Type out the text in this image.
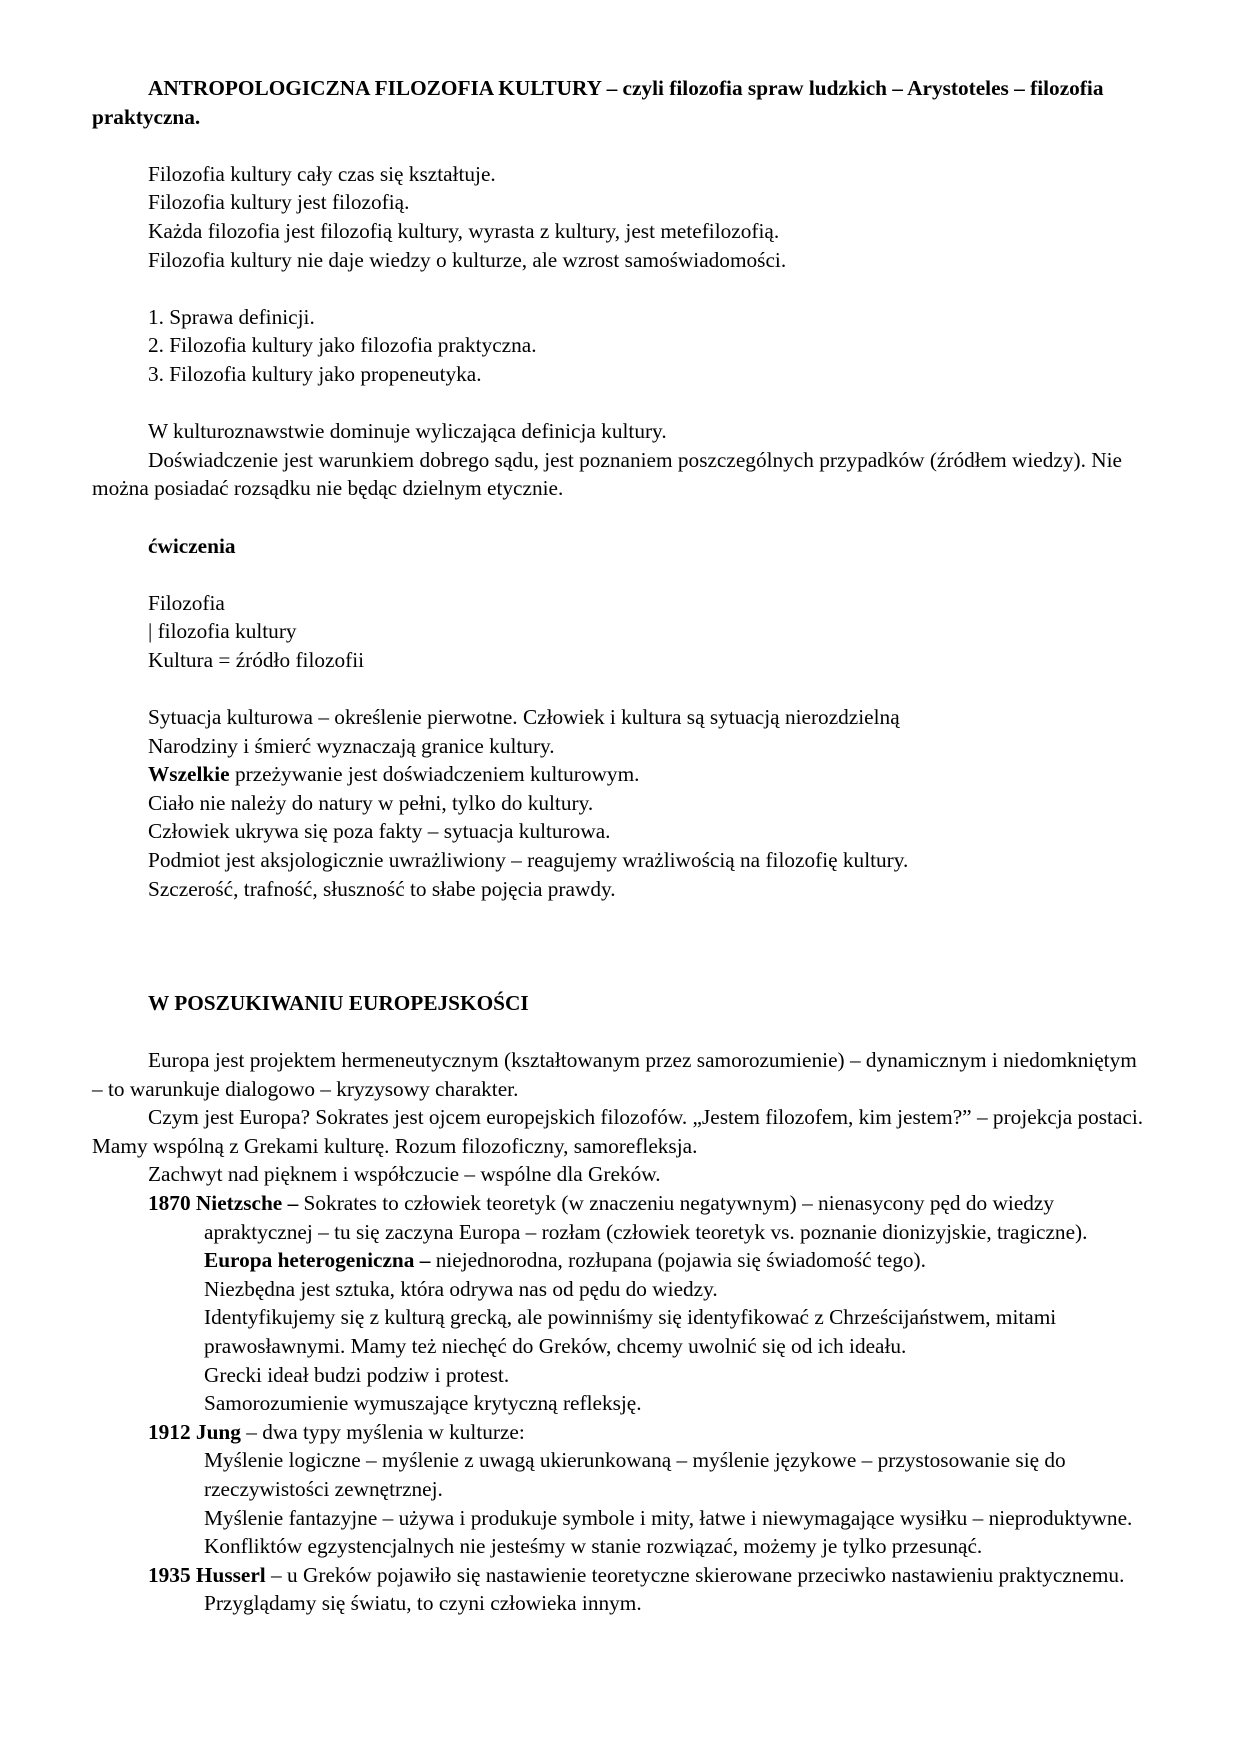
ANTROPOLOGICZNA FILOZOFIA KULTURY – czyli filozofia spraw ludzkich – Arystoteles – filozofia praktyczna.

Filozofia kultury cały czas się kształtuje.

Filozofia kultury jest filozofią.

Każda filozofia jest filozofią kultury, wyrasta z kultury, jest metefilozofią.

Filozofia kultury nie daje wiedzy o kulturze, ale wzrost samoświadomości.

1. Sprawa definicji.

2. Filozofia kultury jako filozofia praktyczna.

3. Filozofia kultury jako propeneutyka.

W kulturoznawstwie dominuje wyliczająca definicja kultury.

Doświadczenie jest warunkiem dobrego sądu, jest poznaniem poszczególnych przypadków (źródłem wiedzy). Nie można posiadać rozsądku nie będąc dzielnym etycznie.

ćwiczenia

Filozofia

| filozofia kultury

Kultura = źródło filozofii

Sytuacja kulturowa – określenie pierwotne. Człowiek i kultura są sytuacją nierozdzielną

Narodziny i śmierć wyznaczają granice kultury.

Wszelkie przeżywanie jest doświadczeniem kulturowym.

Ciało nie należy do natury w pełni, tylko do kultury.

Człowiek ukrywa się poza fakty – sytuacja kulturowa.

Podmiot jest aksjologicznie uwrażliwiony – reagujemy wrażliwością na filozofię kultury.

Szczerość, trafność, słuszność to słabe pojęcia prawdy.

W POSZUKIWANIU EUROPEJSKOŚCI

Europa jest projektem hermeneutycznym (kształtowanym przez samorozumienie) – dynamicznym i niedomkniętym – to warunkuje dialogowo – kryzysowy charakter.

Czym jest Europa? Sokrates jest ojcem europejskich filozofów. „Jestem filozofem, kim jestem?” – projekcja postaci. Mamy wspólną z Grekami kulturę. Rozum filozoficzny, samorefleksja.

Zachwyt nad pięknem i współczucie – wspólne dla Greków.

1870 Nietzsche – Sokrates to człowiek teoretyk (w znaczeniu negatywnym) – nienasycony pęd do wiedzy apraktycznej – tu się zaczyna Europa – rozłam (człowiek teoretyk vs. poznanie dionizyjskie, tragiczne).

Europa heterogeniczna – niejednorodna, rozłupana (pojawia się świadomość tego).

Niezbędna jest sztuka, która odrywa nas od pędu do wiedzy.

Identyfikujemy się z kulturą grecką, ale powinniśmy się identyfikować z Chrześcijaństwem, mitami prawosławnymi. Mamy też niechęć do Greków, chcemy uwolnić się od ich ideału.

Grecki ideał budzi podziw i protest.

Samorozumienie wymuszające krytyczną refleksję.

1912 Jung – dwa typy myślenia w kulturze:

Myślenie logiczne – myślenie z uwagą ukierunkowaną – myślenie językowe – przystosowanie się do rzeczywistości zewnętrznej.

Myślenie fantazyjne – używa i produkuje symbole i mity, łatwe i niewymagające wysiłku – nieproduktywne.

Konfliktów egzystencjalnych nie jesteśmy w stanie rozwiązać, możemy je tylko przesunąć.

1935 Husserl – u Greków pojawiło się nastawienie teoretyczne skierowane przeciwko nastawieniu praktycznemu. Przyglądamy się światu, to czyni człowieka innym.
